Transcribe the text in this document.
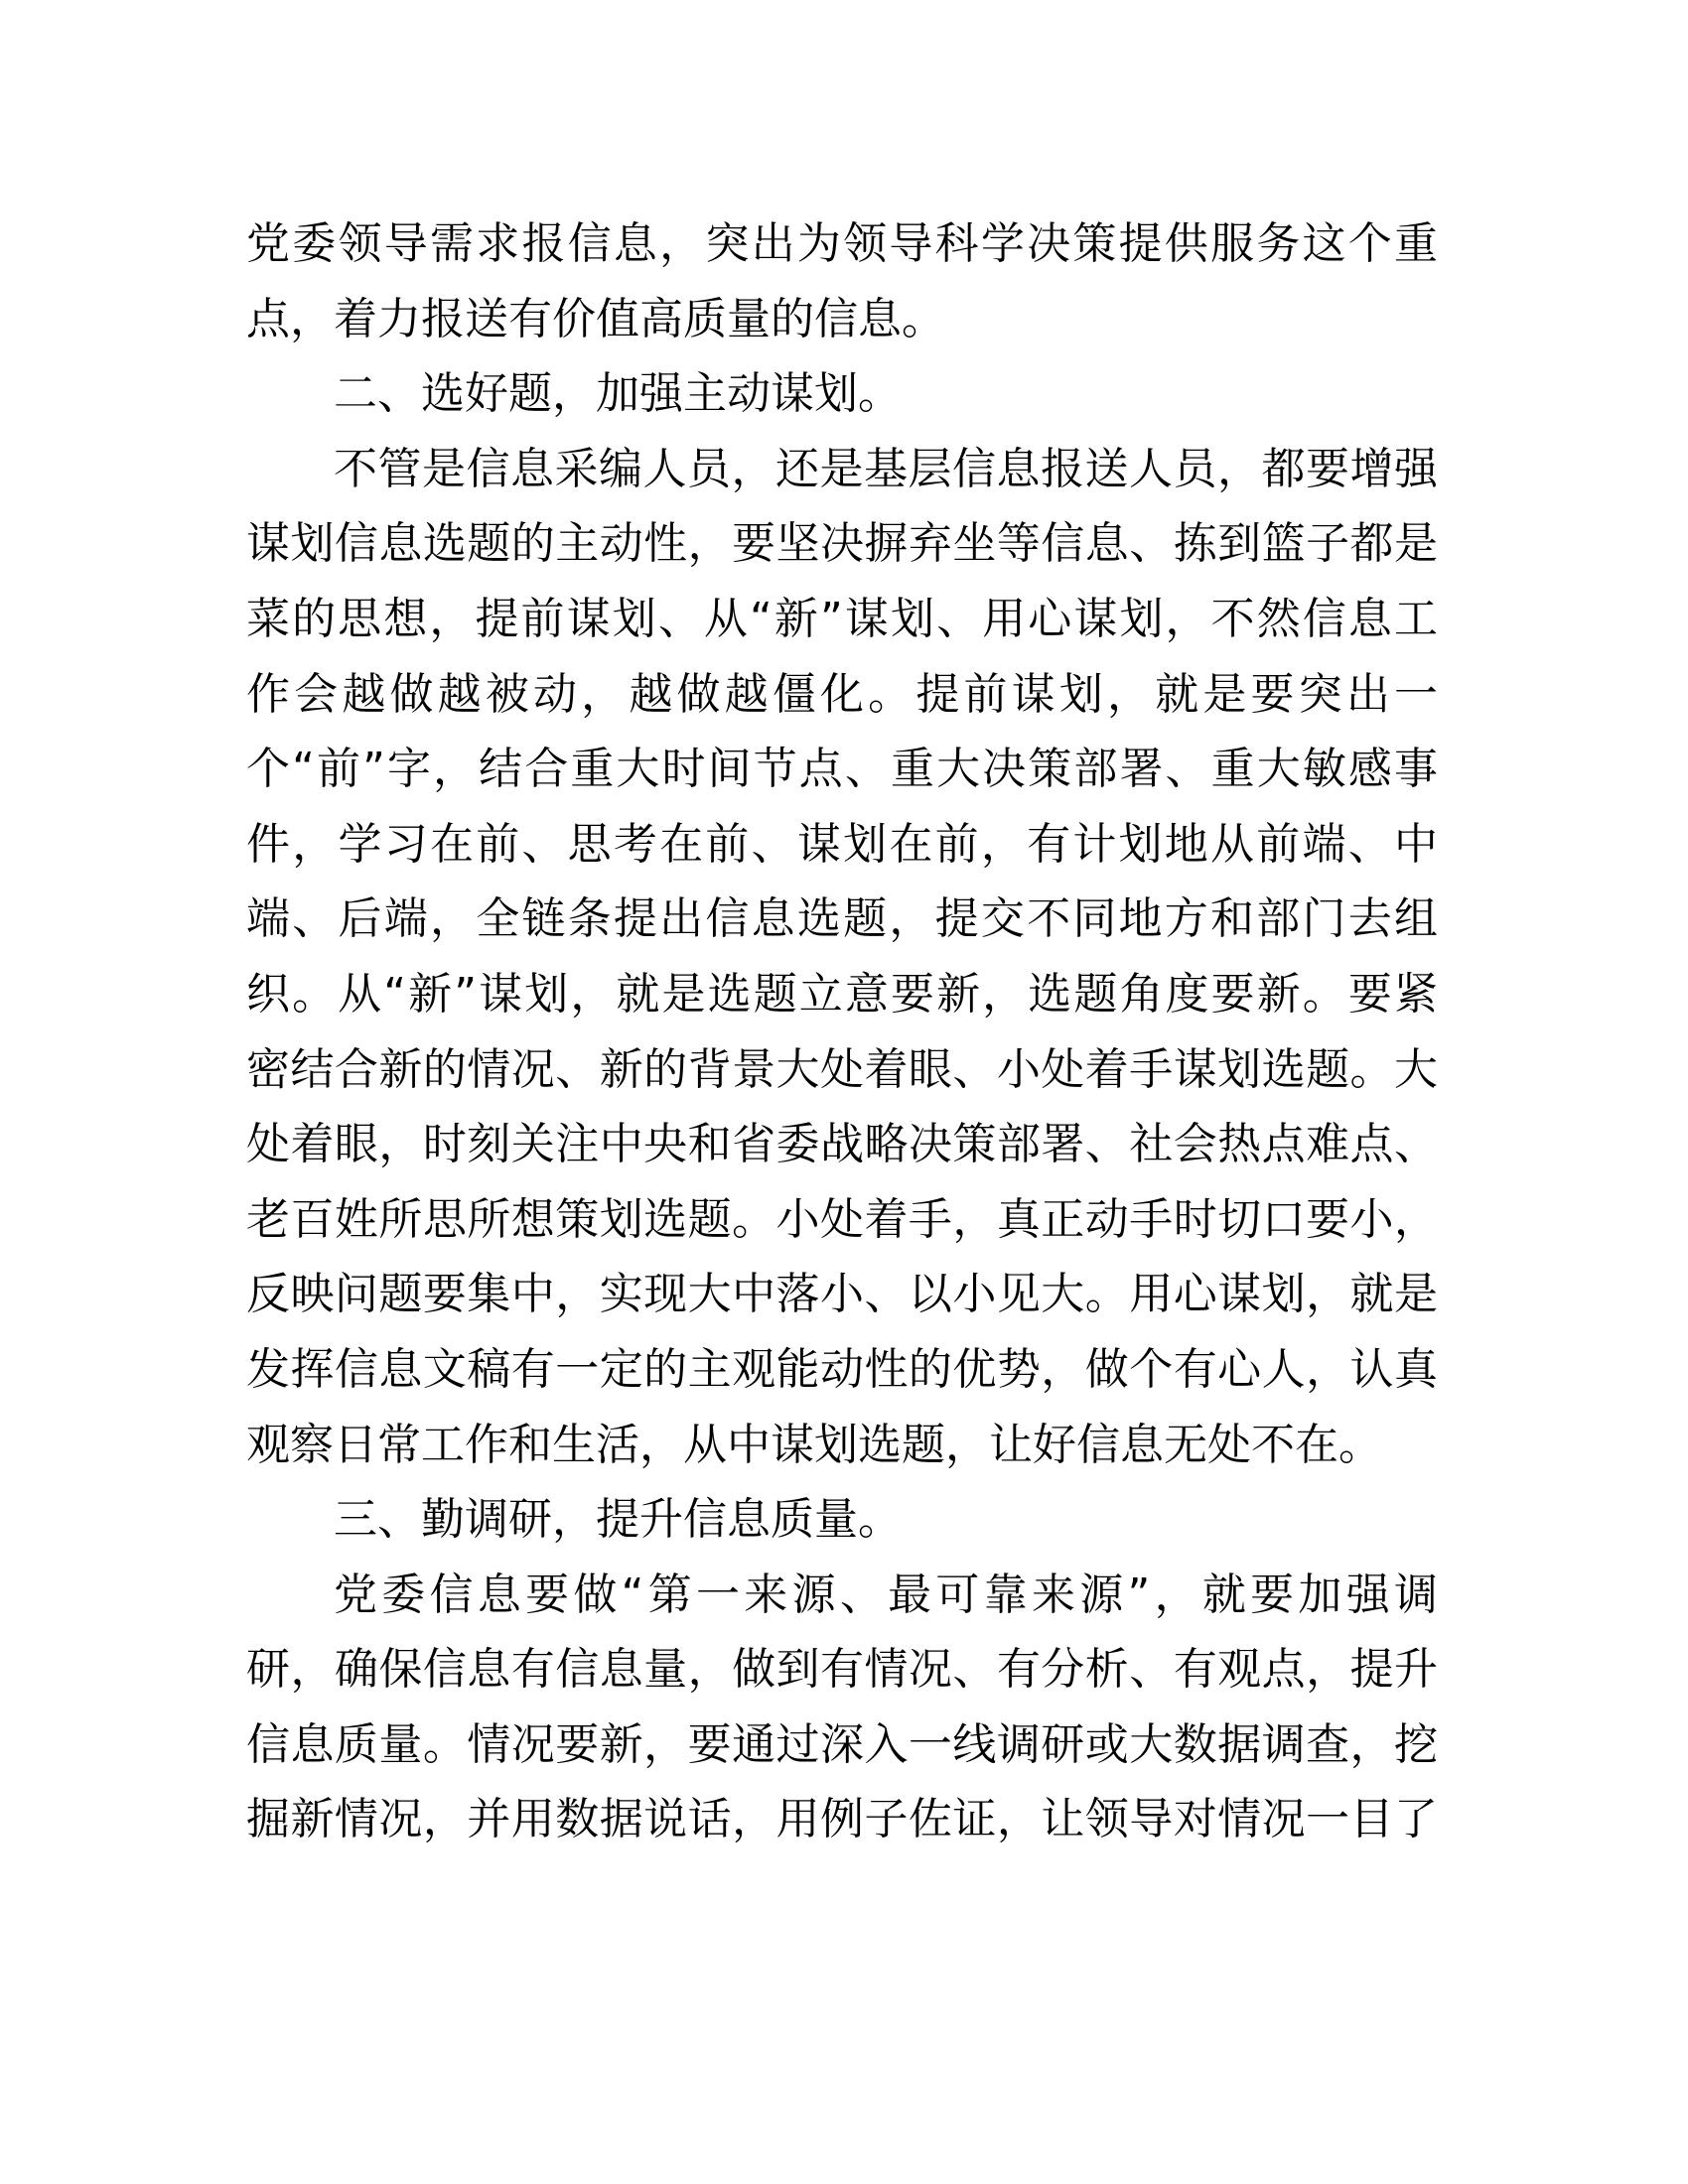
党委领导需求报信息，突出为领导科学决策提供服务这个重
点，着力报送有价值高质量的信息。

二、选好题，加强主动谋划。

不管是信息采编人员，还是基层信息报送人员，都要增强
谋划信息选题的主动性，要坚决摒弃坐等信息、拣到篮子都是
菜的思想，提前谋划、从“新”谋划、用心谋划，不然信息工
作会越做越被动，越做越僵化。提前谋划，就是要突出一
个“前”字，结合重大时间节点、重大决策部署、重大敏感事
件，学习在前、思考在前、谋划在前，有计划地从前端、中
端、后端，全链条提出信息选题，提交不同地方和部门去组
织。从“新”谋划，就是选题立意要新，选题角度要新。要紧
密结合新的情况、新的背景大处着眼、小处着手谋划选题。大
处着眼，时刻关注中央和省委战略决策部署、社会热点难点、
老百姓所思所想策划选题。小处着手，真正动手时切口要小，
反映问题要集中，实现大中落小、以小见大。用心谋划，就是
发挥信息文稿有一定的主观能动性的优势，做个有心人，认真
观察日常工作和生活，从中谋划选题，让好信息无处不在。

三、勤调研，提升信息质量。

党委信息要做“第一来源、最可靠来源”，就要加强调
研，确保信息有信息量，做到有情况、有分析、有观点，提升
信息质量。情况要新，要通过深入一线调研或大数据调查，挖
掘新情况，并用数据说话，用例子佐证，让领导对情况一目了
